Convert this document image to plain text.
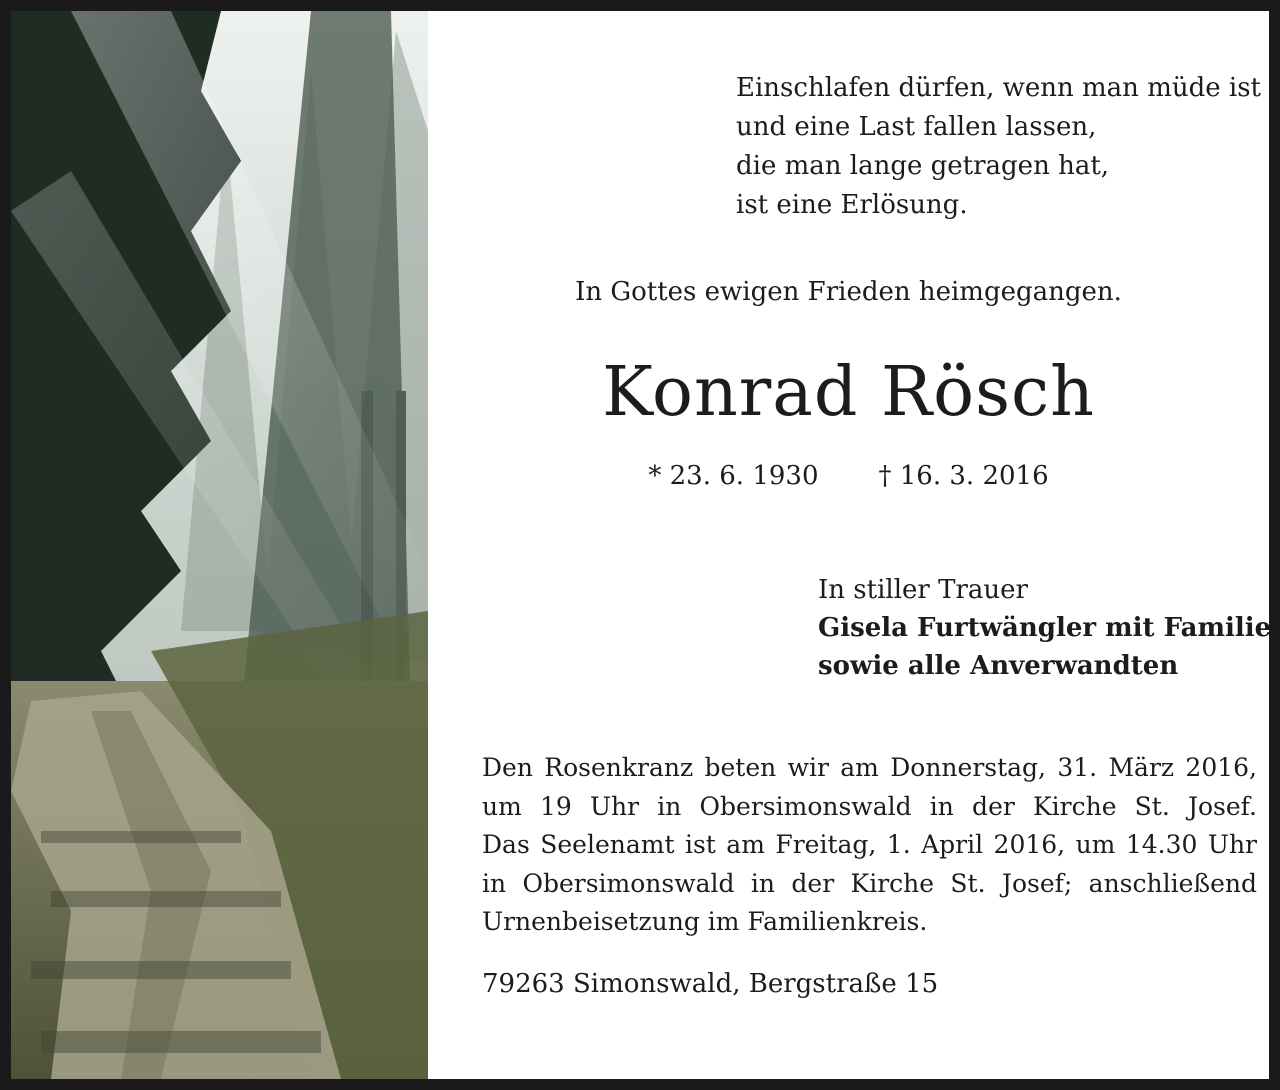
Einschlafen dürfen, wenn man müde ist
und eine Last fallen lassen,
die man lange getragen hat,
ist eine Erlösung.
In Gottes ewigen Frieden heimgegangen.
Konrad Rösch
* 23. 6. 1930 † 16. 3. 2016
In stiller Trauer
Gisela Furtwängler mit Familie
sowie alle Anverwandten
Den Rosenkranz beten wir am Donnerstag, 31. März 2016,
um 19 Uhr in Obersimonswald in der Kirche St. Josef.
Das Seelenamt ist am Freitag, 1. April 2016, um 14.30 Uhr
in Obersimonswald in der Kirche St. Josef; anschließend
Urnenbeisetzung im Familienkreis.
79263 Simonswald, Bergstraße 15
